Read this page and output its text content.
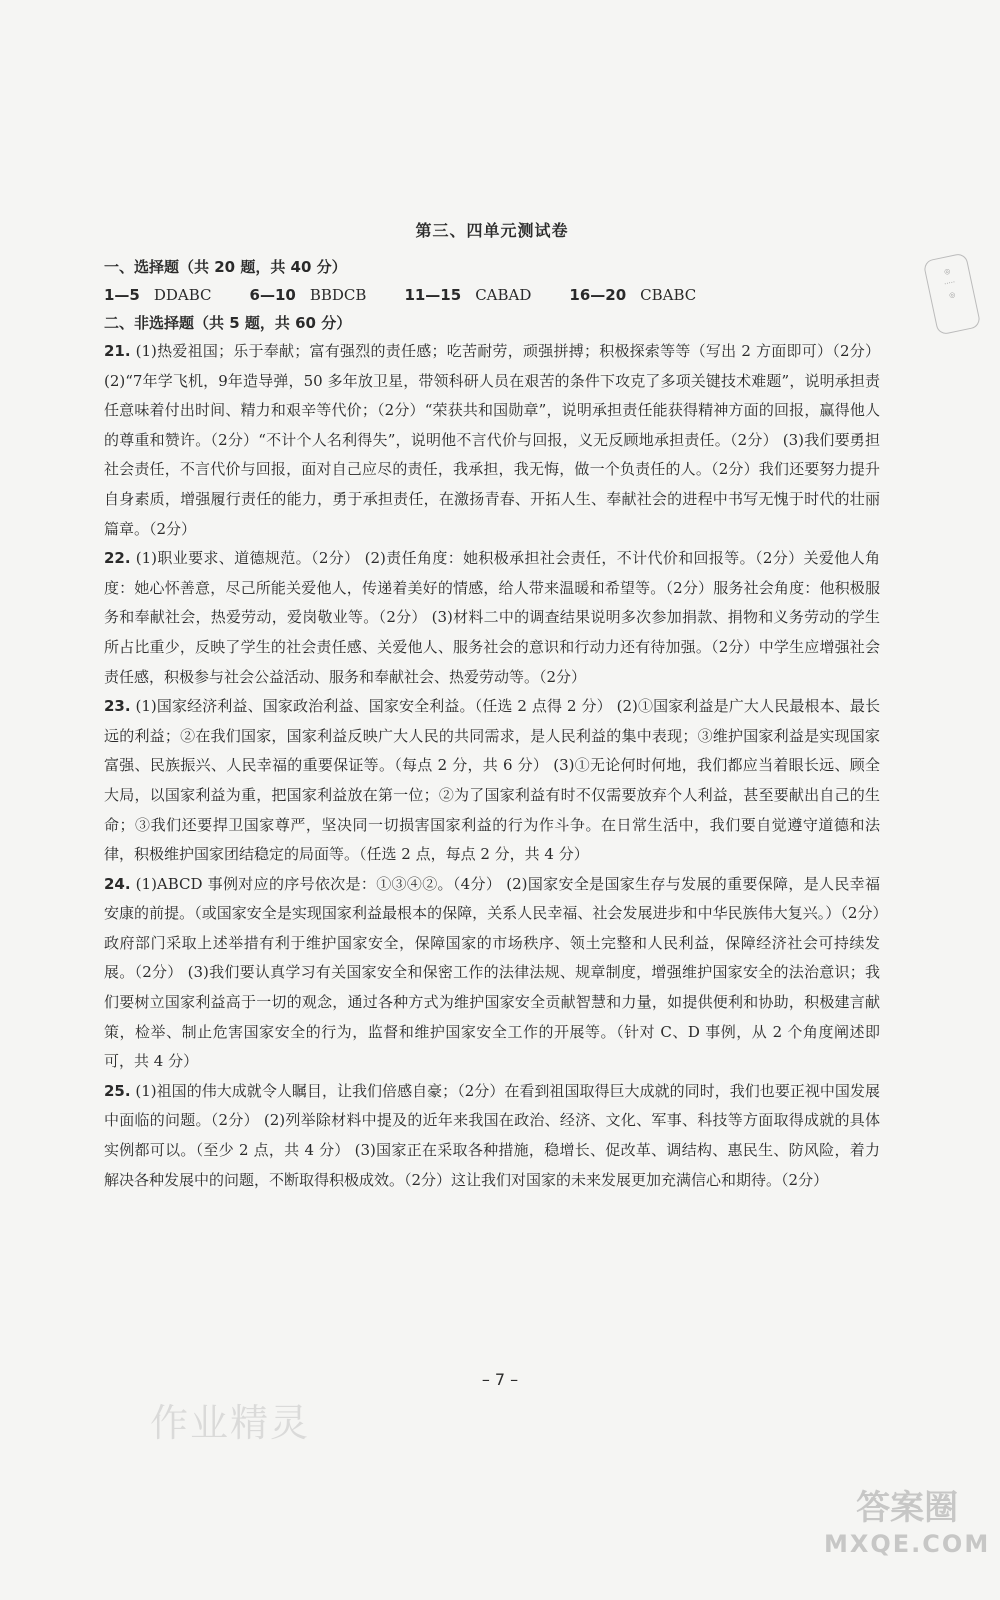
◎
·····
◎
第三、四单元测试卷

一、选择题（共 20 题，共 40 分）

1—5 DDABC	6—10 BBDCB	11—15 CABAD	16—20 CBABC

二、非选择题（共 5 题，共 60 分）

21. (1)热爱祖国；乐于奉献；富有强烈的责任感；吃苦耐劳，顽强拼搏；积极探索等等（写出 2 方面即可）（2分） (2)“7年学飞机，9年造导弹，50 多年放卫星，带领科研人员在艰苦的条件下攻克了多项关键技术难题”，说明承担责任意味着付出时间、精力和艰辛等代价；（2分）“荣获共和国勋章”，说明承担责任能获得精神方面的回报，赢得他人的尊重和赞许。（2分）“不计个人名利得失”，说明他不言代价与回报，义无反顾地承担责任。（2分） (3)我们要勇担社会责任，不言代价与回报，面对自己应尽的责任，我承担，我无悔，做一个负责任的人。（2分）我们还要努力提升自身素质，增强履行责任的能力，勇于承担责任，在激扬青春、开拓人生、奉献社会的进程中书写无愧于时代的壮丽篇章。（2分）

22. (1)职业要求、道德规范。（2分） (2)责任角度：她积极承担社会责任，不计代价和回报等。（2分）关爱他人角度：她心怀善意，尽己所能关爱他人，传递着美好的情感，给人带来温暖和希望等。（2分）服务社会角度：他积极服务和奉献社会，热爱劳动，爱岗敬业等。（2分） (3)材料二中的调查结果说明多次参加捐款、捐物和义务劳动的学生所占比重少，反映了学生的社会责任感、关爱他人、服务社会的意识和行动力还有待加强。（2分）中学生应增强社会责任感，积极参与社会公益活动、服务和奉献社会、热爱劳动等。（2分）

23. (1)国家经济利益、国家政治利益、国家安全利益。（任选 2 点得 2 分） (2)①国家利益是广大人民最根本、最长远的利益；②在我们国家，国家利益反映广大人民的共同需求，是人民利益的集中表现；③维护国家利益是实现国家富强、民族振兴、人民幸福的重要保证等。（每点 2 分，共 6 分） (3)①无论何时何地，我们都应当着眼长远、顾全大局，以国家利益为重，把国家利益放在第一位；②为了国家利益有时不仅需要放弃个人利益，甚至要献出自己的生命；③我们还要捍卫国家尊严，坚决同一切损害国家利益的行为作斗争。在日常生活中，我们要自觉遵守道德和法律，积极维护国家团结稳定的局面等。（任选 2 点，每点 2 分，共 4 分）

24. (1)ABCD 事例对应的序号依次是：①③④②。（4分） (2)国家安全是国家生存与发展的重要保障，是人民幸福安康的前提。（或国家安全是实现国家利益最根本的保障，关系人民幸福、社会发展进步和中华民族伟大复兴。）（2分）政府部门采取上述举措有利于维护国家安全，保障国家的市场秩序、领土完整和人民利益，保障经济社会可持续发展。（2分） (3)我们要认真学习有关国家安全和保密工作的法律法规、规章制度，增强维护国家安全的法治意识；我们要树立国家利益高于一切的观念，通过各种方式为维护国家安全贡献智慧和力量，如提供便利和协助，积极建言献策，检举、制止危害国家安全的行为，监督和维护国家安全工作的开展等。（针对 C、D 事例，从 2 个角度阐述即可，共 4 分）

25. (1)祖国的伟大成就令人瞩目，让我们倍感自豪；（2分）在看到祖国取得巨大成就的同时，我们也要正视中国发展中面临的问题。（2分） (2)列举除材料中提及的近年来我国在政治、经济、文化、军事、科技等方面取得成就的具体实例都可以。（至少 2 点，共 4 分） (3)国家正在采取各种措施，稳增长、促改革、调结构、惠民生、防风险，着力解决各种发展中的问题，不断取得积极成效。（2分）这让我们对国家的未来发展更加充满信心和期待。（2分）

– 7 –
作业精灵
答案圈
MXQE.COM
